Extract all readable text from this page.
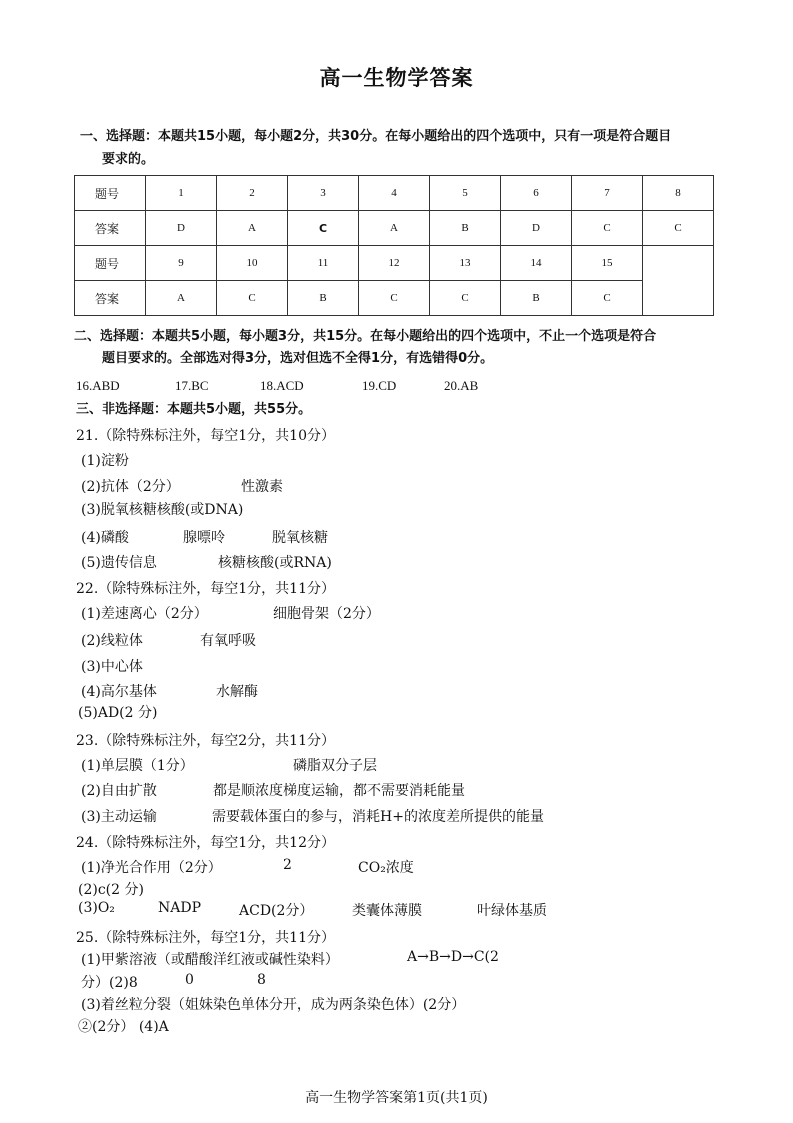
高一生物学答案
一、选择题：本题共15小题，每小题2分，共30分。在每小题给出的四个选项中，只有一项是符合题目
要求的。
题号	1	2	3	4	5	6	7	8
答案	D	A	C	A	B	D	C	C
题号	9	10	11	12	13	14	15	
答案	A	C	B	C	C	B	C	
二、选择题：本题共5小题，每小题3分，共15分。在每小题给出的四个选项中，不止一个选项是符合
题目要求的。全部选对得3分，选对但选不全得1分，有选错得0分。
16.ABD	17.BC	18.ACD	19.CD	20.AB
三、非选择题：本题共5小题，共55分。
21.（除特殊标注外，每空1分，共10分）
(1)淀粉
(2)抗体（2分）	性激素
(3)脱氧核糖核酸(或DNA)
(4)磷酸	腺嘌呤	脱氧核糖
(5)遗传信息	核糖核酸(或RNA)
22.（除特殊标注外，每空1分，共11分）
(1)差速离心（2分）	细胞骨架（2分）
(2)线粒体	有氧呼吸
(3)中心体
(4)高尔基体	水解酶
(5)AD(2 分)
23.（除特殊标注外，每空2分，共11分）
(1)单层膜（1分）	磷脂双分子层
(2)自由扩散	都是顺浓度梯度运输，都不需要消耗能量
(3)主动运输	需要载体蛋白的参与，消耗H+的浓度差所提供的能量
24.（除特殊标注外，每空1分，共12分）
(1)净光合作用（2分）	2	CO₂浓度
(2)c(2 分)
(3)O₂	NADP	ACD(2分）	类囊体薄膜	叶绿体基质
25.（除特殊标注外，每空1分，共11分）
(1)甲紫溶液（或醋酸洋红液或碱性染料）	A→B→D→C(2
分）(2)8	0	8
(3)着丝粒分裂（姐妹染色单体分开，成为两条染色体）(2分）
②(2分） (4)A
高一生物学答案第1页(共1页)
